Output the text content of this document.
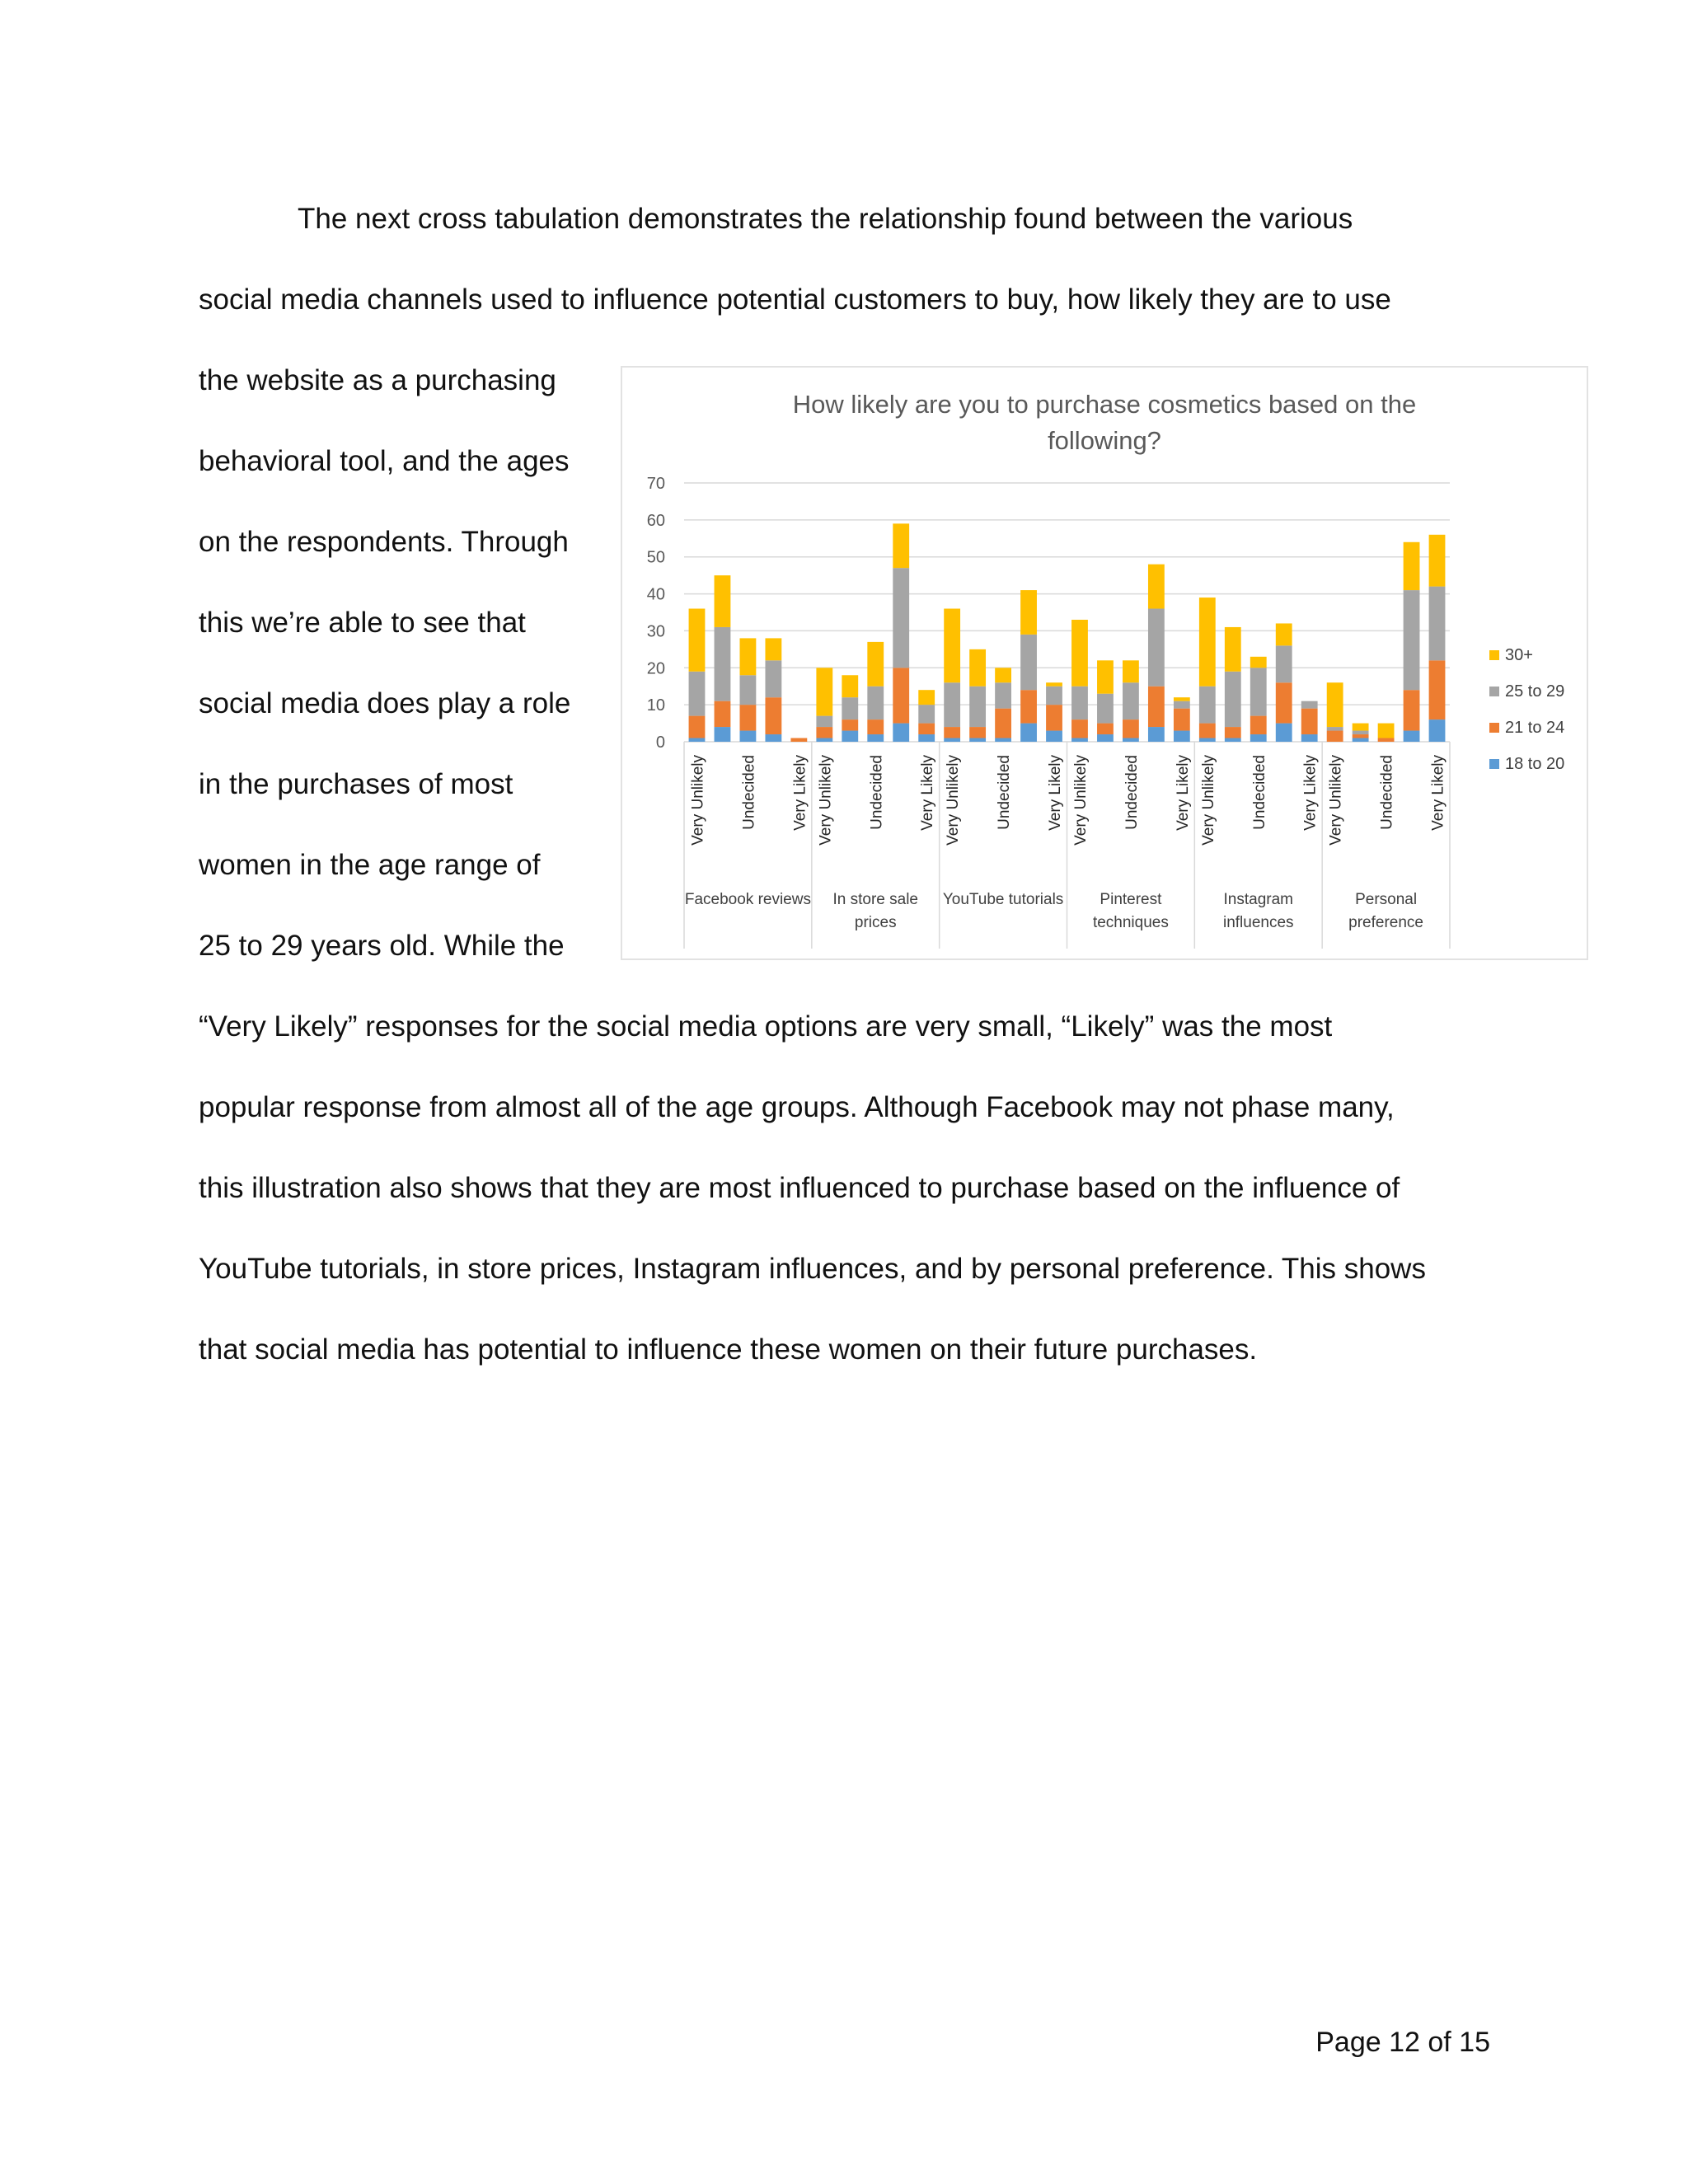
The next cross tabulation demonstrates the relationship found between the various
social media channels used to influence potential customers to buy, how likely they are to use
the website as a purchasing
behavioral tool, and the ages
on the respondents. Through
this we’re able to see that
social media does play a role
in the purchases of most
women in the age range of
25 to 29 years old. While the
“Very Likely” responses for the social media options are very small, “Likely” was the most
popular response from almost all of the age groups. Although Facebook may not phase many,
this illustration also shows that they are most influenced to purchase based on the influence of
YouTube tutorials, in store prices, Instagram influences, and by personal preference. This shows
that social media has potential to influence these women on their future purchases.
How likely are you to purchase cosmetics based on the
following?
0
10
20
30
40
50
60
70
Very Unlikely Undecided Very Likely Very Unlikely Undecided Very Likely Very Unlikely Undecided Very Likely Very Unlikely Undecided Very Likely Very Unlikely Undecided Very Likely Very Unlikely Undecided Very Likely
Facebook reviews In store sale
prices
YouTube tutorials Pinterest
techniques
Instagram
influences
Personal
preference
30+
25 to 29
21 to 24
18 to 20
Page 12 of 15
